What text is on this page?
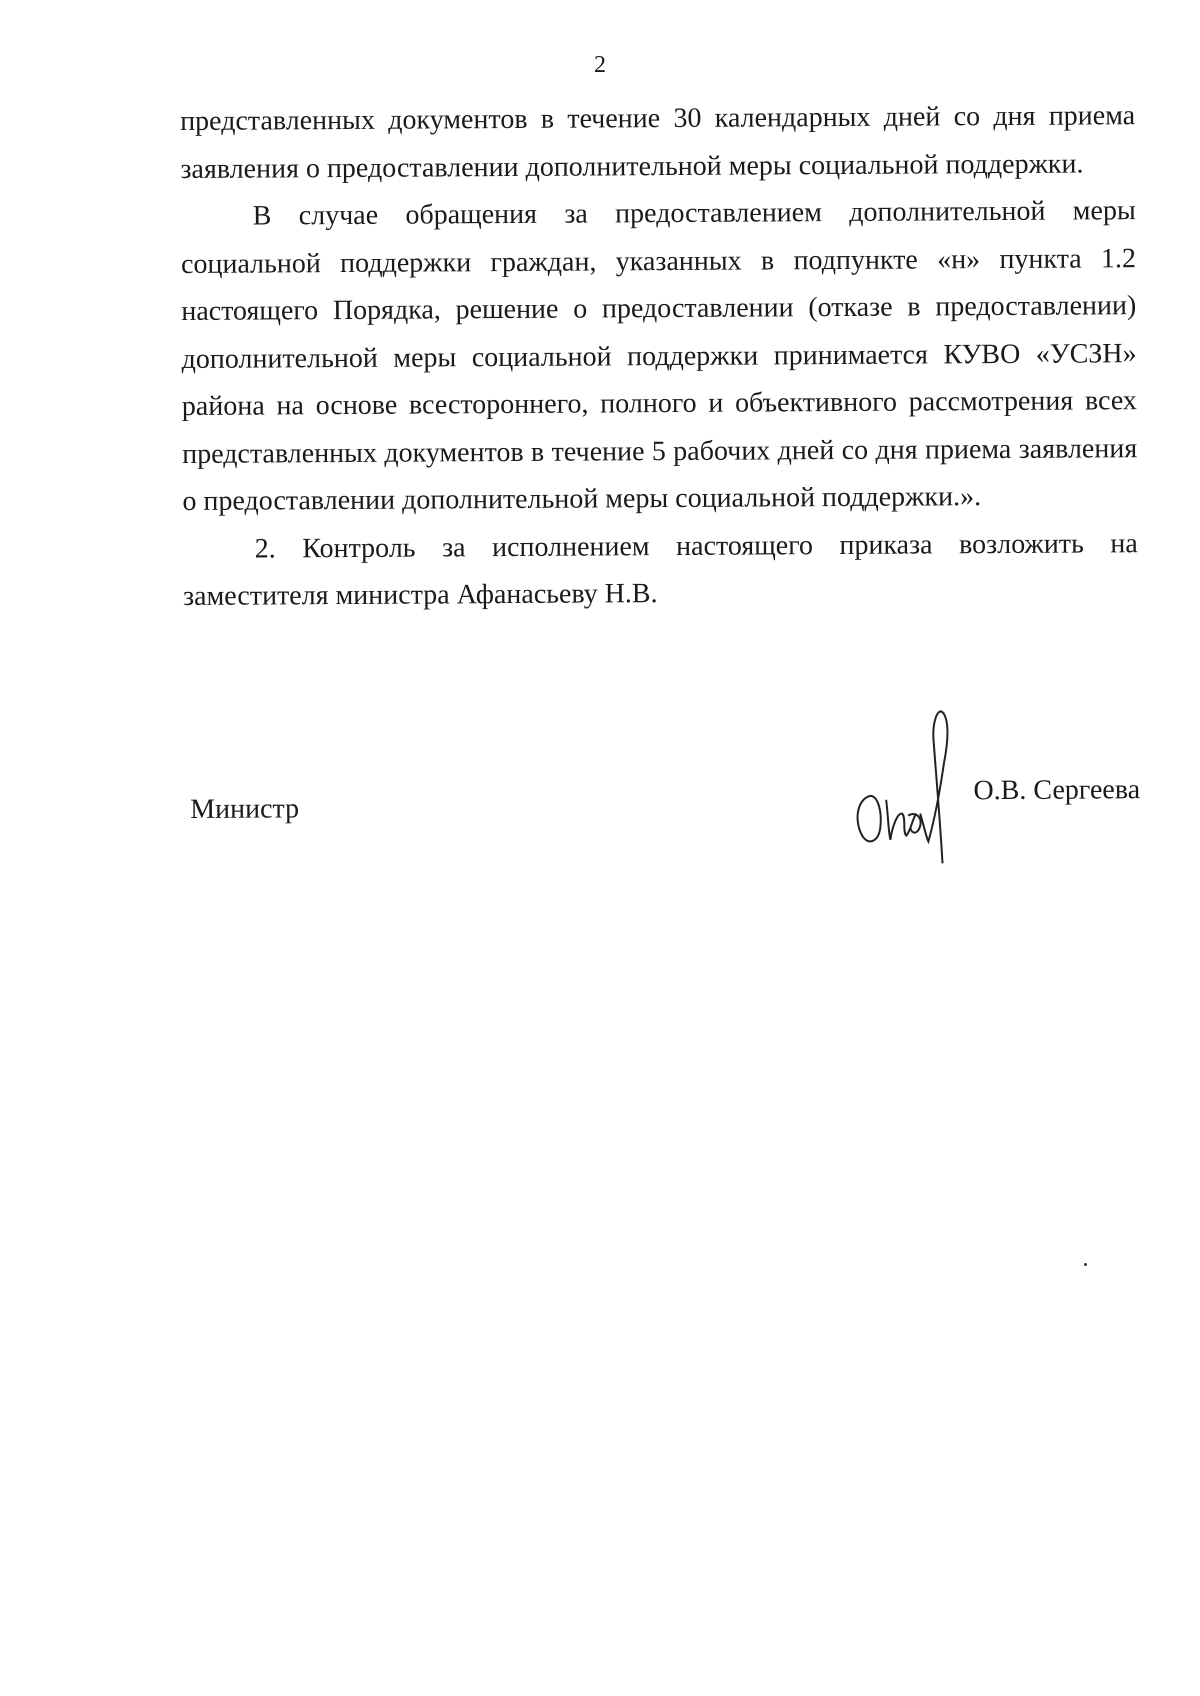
2

представленных документов в течение 30 календарных дней со дня приема заявления о предоставлении дополнительной меры социальной поддержки.

В случае обращения за предоставлением дополнительной меры социальной поддержки граждан, указанных в подпункте «н» пункта 1.2 настоящего Порядка, решение о предоставлении (отказе в предоставлении) дополнительной меры социальной поддержки принимается КУВО «УСЗН» района на основе всестороннего, полного и объективного рассмотрения всех представленных документов в течение 5 рабочих дней со дня приема заявления о предоставлении дополнительной меры социальной поддержки.».

2. Контроль за исполнением настоящего приказа возложить на заместителя министра Афанасьеву Н.В.

Министр
О.В. Сергеева
